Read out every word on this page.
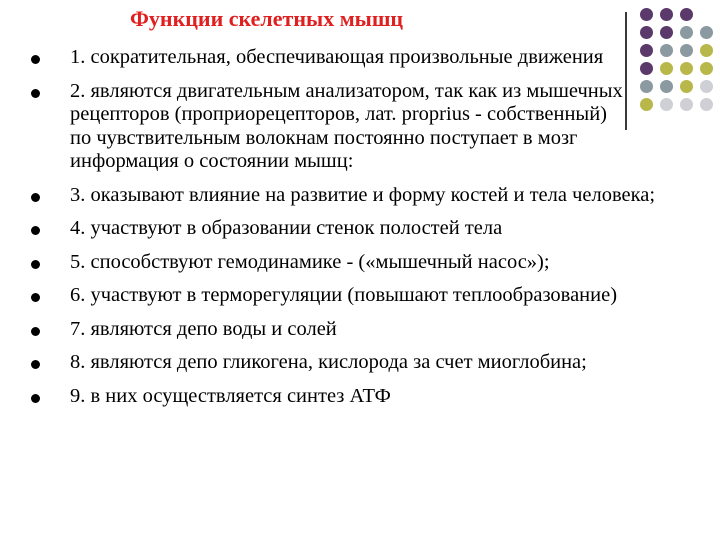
Функции скелетных мышц
1. сократительная, обеспечивающая произвольные движения
2. являются двигательным анализатором, так как из мышечных рецепторов (проприорецепторов, лат. proprius - собственный) по чувствительным волокнам постоянно поступает в мозг информация о состоянии мышц:
3. оказывают влияние на развитие и форму костей и тела человека;
4. участвуют в образовании стенок полостей тела
5. способствуют гемодинамике - («мышечный насос»);
6. участвуют в терморегуляции (повышают теплообразование)
7. являются депо воды и солей
8. являются депо гликогена, кислорода за счет миоглобина;
9. в них осуществляется синтез АТФ
